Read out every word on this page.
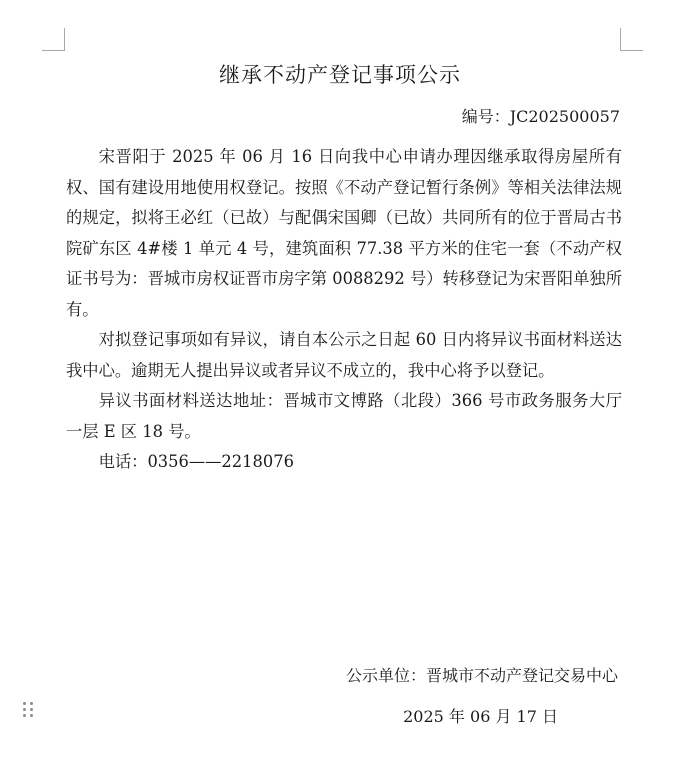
继承不动产登记事项公示
编号：JC202500057

宋晋阳于 2025 年 06 月 16 日向我中心申请办理因继承取得房屋所有权、国有建设用地使用权登记。按照《不动产登记暂行条例》等相关法律法规的规定，拟将王必红（已故）与配偶宋国卿（已故）共同所有的位于晋局古书院矿东区 4#楼 1 单元 4 号，建筑面积 77.38 平方米的住宅一套（不动产权证书号为：晋城市房权证晋市房字第 0088292 号）转移登记为宋晋阳单独所有。

对拟登记事项如有异议，请自本公示之日起 60 日内将异议书面材料送达我中心。逾期无人提出异议或者异议不成立的，我中心将予以登记。

异议书面材料送达地址：晋城市文博路（北段）366 号市政务服务大厅一层 E 区 18 号。

电话：0356——2218076

公示单位：晋城市不动产登记交易中心
2025 年 06 月 17 日
